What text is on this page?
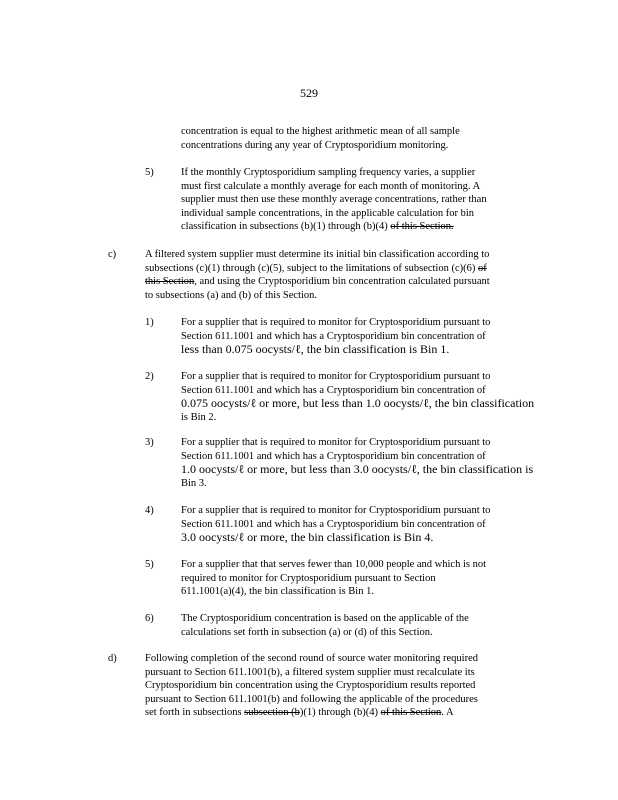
529
concentration is equal to the highest arithmetic mean of all sample
concentrations during any year of Cryptosporidium monitoring.
5)	If the monthly Cryptosporidium sampling frequency varies, a supplier
must first calculate a monthly average for each month of monitoring. A
supplier must then use these monthly average concentrations, rather than
individual sample concentrations, in the applicable calculation for bin
classification in subsections (b)(1) through (b)(4) of this Section.
c)	A filtered system supplier must determine its initial bin classification according to
subsections (c)(1) through (c)(5), subject to the limitations of subsection (c)(6) of
this Section, and using the Cryptosporidium bin concentration calculated pursuant
to subsections (a) and (b) of this Section.
1)	For a supplier that is required to monitor for Cryptosporidium pursuant to
Section 611.1001 and which has a Cryptosporidium bin concentration of
less than 0.075 oocysts/ℓ, the bin classification is Bin 1.
2)	For a supplier that is required to monitor for Cryptosporidium pursuant to
Section 611.1001 and which has a Cryptosporidium bin concentration of
0.075 oocysts/ℓ or more, but less than 1.0 oocysts/ℓ, the bin classification
is Bin 2.
3)	For a supplier that is required to monitor for Cryptosporidium pursuant to
Section 611.1001 and which has a Cryptosporidium bin concentration of
1.0 oocysts/ℓ or more, but less than 3.0 oocysts/ℓ, the bin classification is
Bin 3.
4)	For a supplier that is required to monitor for Cryptosporidium pursuant to
Section 611.1001 and which has a Cryptosporidium bin concentration of
3.0 oocysts/ℓ or more, the bin classification is Bin 4.
5)	For a supplier that that serves fewer than 10,000 people and which is not
required to monitor for Cryptosporidium pursuant to Section
611.1001(a)(4), the bin classification is Bin 1.
6)	The Cryptosporidium concentration is based on the applicable of the
calculations set forth in subsection (a) or (d) of this Section.
d)	Following completion of the second round of source water monitoring required
pursuant to Section 611.1001(b), a filtered system supplier must recalculate its
Cryptosporidium bin concentration using the Cryptosporidium results reported
pursuant to Section 611.1001(b) and following the applicable of the procedures
set forth in subsections subsection (b)(1) through (b)(4) of this Section. A
